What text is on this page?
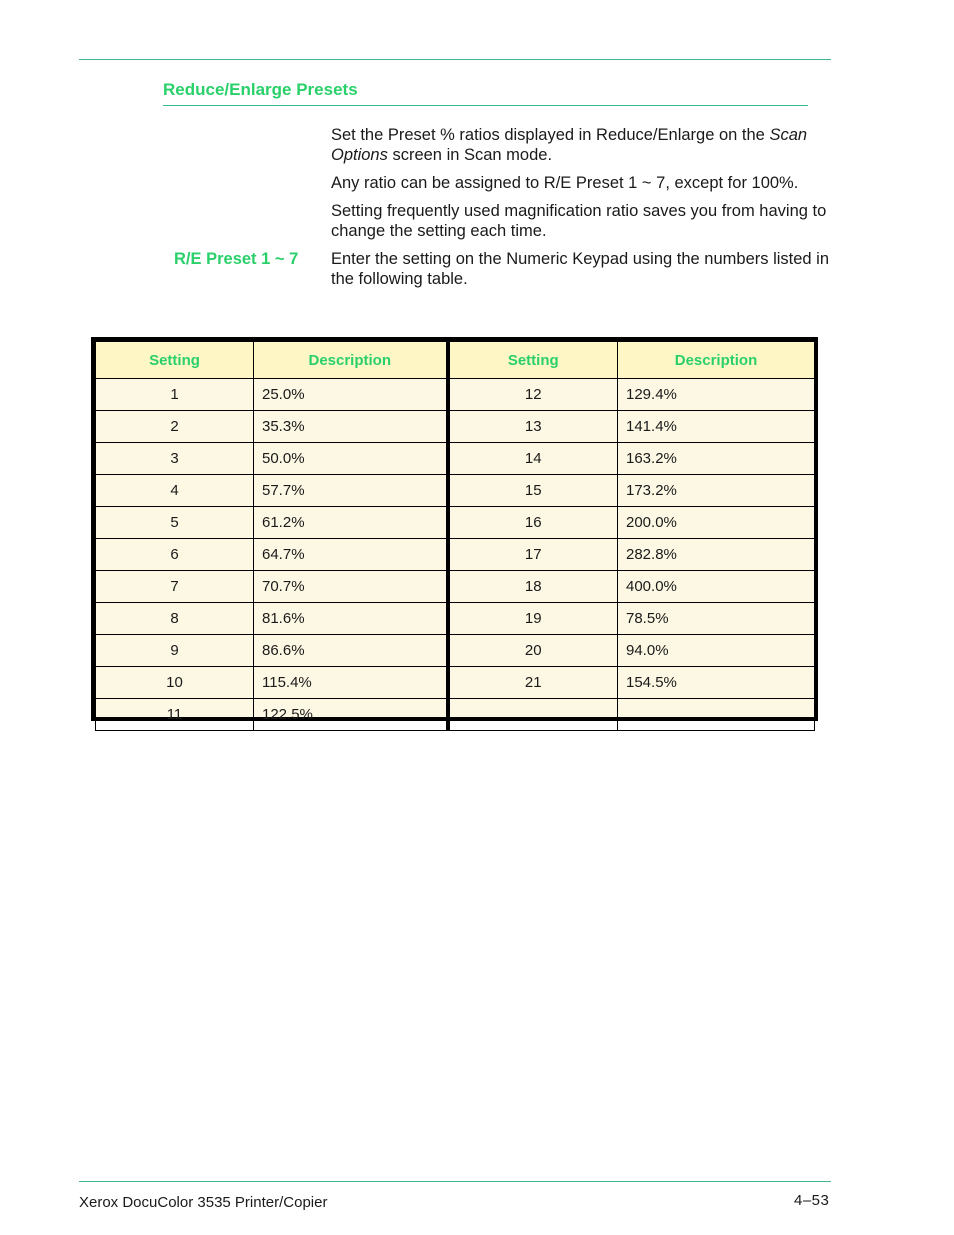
Reduce/Enlarge Presets

Set the Preset % ratios displayed in Reduce/Enlarge on the Scan Options screen in Scan mode.

Any ratio can be assigned to R/E Preset 1 ~ 7, except for 100%.

Setting frequently used magnification ratio saves you from having to change the setting each time.

R/E Preset 1 ~ 7 Enter the setting on the Numeric Keypad using the numbers listed in the following table.

Setting	Description	Setting	Description
1	25.0%	12	129.4%
2	35.3%	13	141.4%
3	50.0%	14	163.2%
4	57.7%	15	173.2%
5	61.2%	16	200.0%
6	64.7%	17	282.8%
7	70.7%	18	400.0%
8	81.6%	19	78.5%
9	86.6%	20	94.0%
10	115.4%	21	154.5%
11	122.5%		
Xerox DocuColor 3535 Printer/Copier	4–53
